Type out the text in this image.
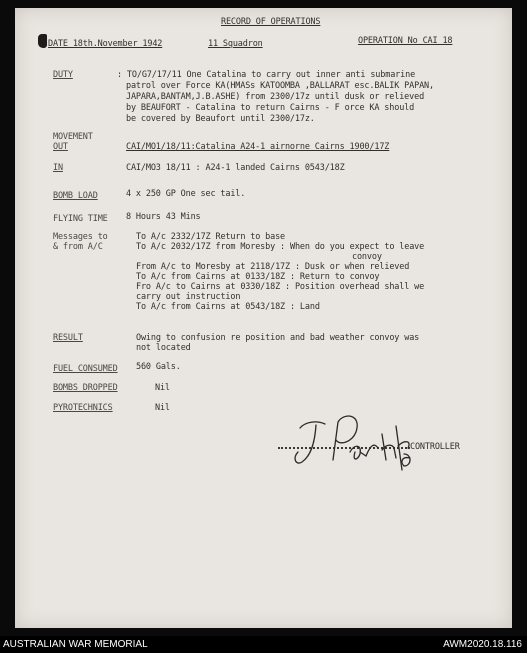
RECORD OF OPERATIONS
DATE 18th.November 1942	11 Squadron	OPERATION No CAI 18
DUTY	: TO/G7/17/11 One Catalina to carry out inner anti submarine
patrol over Force KA(HMASs KATOOMBA ,BALLARAT esc.BALIK PAPAN,
JAPARA,BANTAM,J.B.ASHE) from 2300/17z until dusk or relieved
by BEAUFORT - Catalina to return Cairns - F orce KA should
be covered by Beaufort until 2300/17z.
MOVEMENT
OUT	CAI/MO1/18/11:Catalina A24-1 airnorne Cairns 1900/17Z
IN	CAI/MO3 18/11 : A24-1 landed Cairns 0543/18Z
BOMB LOAD	4 x 250 GP One sec tail.
FLYING TIME 8 Hours 43 Mins
Messages to
& from A/C
To A/c 2332/17Z Return to base
To A/c 2032/17Z from Moresby : When do you expect to leave
convoy
From A/c to Moresby at 2118/17Z : Dusk or when relieved
To A/c from Cairns at 0133/18Z : Return to convoy
Fro A/c to Cairns at 0330/18Z : Position overhead shall we
carry out instruction
To A/c from Cairns at 0543/18Z : Land
RESULT	Owing to confusion re position and bad weather convoy was
not located
FUEL CONSUMED 560 Gals.
BOMBS DROPPED	Nil
PYROTECHNICS	Nil
CONTROLLER
AUSTRALIAN WAR MEMORIAL	AWM2020.18.116
